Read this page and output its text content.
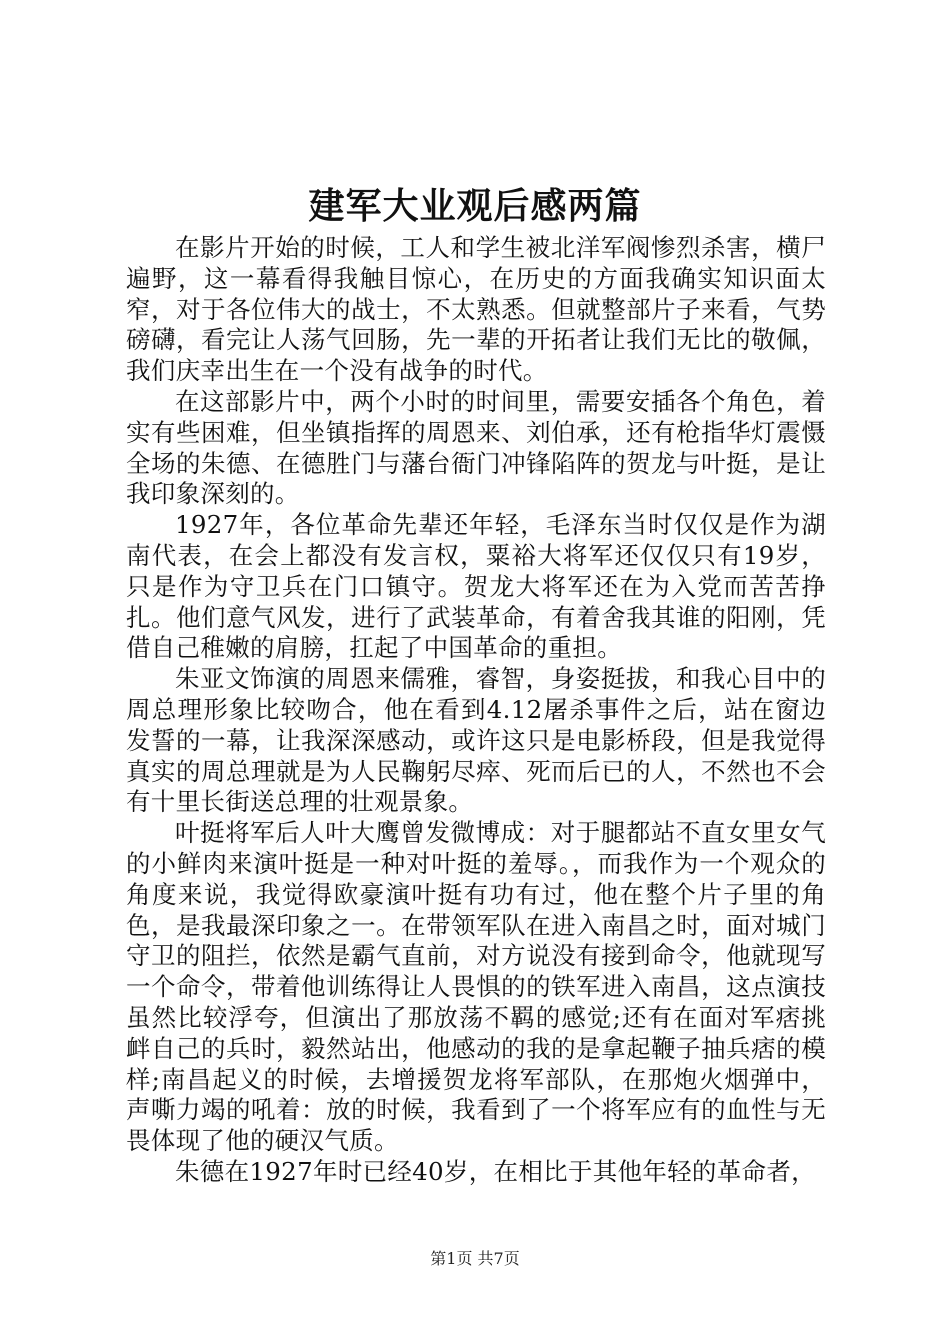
建军大业观后感两篇

在影片开始的时候，工人和学生被北洋军阀惨烈杀害，横尸遍野，这一幕看得我触目惊心，在历史的方面我确实知识面太窄，对于各位伟大的战士，不太熟悉。但就整部片子来看，气势磅礴，看完让人荡气回肠，先一辈的开拓者让我们无比的敬佩，我们庆幸出生在一个没有战争的时代。

在这部影片中，两个小时的时间里，需要安插各个角色，着实有些困难，但坐镇指挥的周恩来、刘伯承，还有枪指华灯震慑全场的朱德、在德胜门与藩台衙门冲锋陷阵的贺龙与叶挺，是让我印象深刻的。

1927年，各位革命先辈还年轻，毛泽东当时仅仅是作为湖南代表，在会上都没有发言权，粟裕大将军还仅仅只有19岁，只是作为守卫兵在门口镇守。贺龙大将军还在为入党而苦苦挣扎。他们意气风发，进行了武装革命，有着舍我其谁的阳刚，凭借自己稚嫩的肩膀，扛起了中国革命的重担。

朱亚文饰演的周恩来儒雅，睿智，身姿挺拔，和我心目中的周总理形象比较吻合，他在看到4.12屠杀事件之后，站在窗边发誓的一幕，让我深深感动，或许这只是电影桥段，但是我觉得真实的周总理就是为人民鞠躬尽瘁、死而后已的人，不然也不会有十里长街送总理的壮观景象。

叶挺将军后人叶大鹰曾发微博成：对于腿都站不直女里女气的小鲜肉来演叶挺是一种对叶挺的羞辱。，而我作为一个观众的角度来说，我觉得欧豪演叶挺有功有过，他在整个片子里的角色，是我最深印象之一。在带领军队在进入南昌之时，面对城门守卫的阻拦，依然是霸气直前，对方说没有接到命令，他就现写一个命令，带着他训练得让人畏惧的的铁军进入南昌，这点演技虽然比较浮夸，但演出了那放荡不羁的感觉;还有在面对军痞挑衅自己的兵时，毅然站出，他感动的我的是拿起鞭子抽兵痞的模样;南昌起义的时候，去增援贺龙将军部队，在那炮火烟弹中，声嘶力竭的吼着：放的时候，我看到了一个将军应有的血性与无畏体现了他的硬汉气质。

朱德在1927年时已经40岁，在相比于其他年轻的革命者，

第1页 共7页
